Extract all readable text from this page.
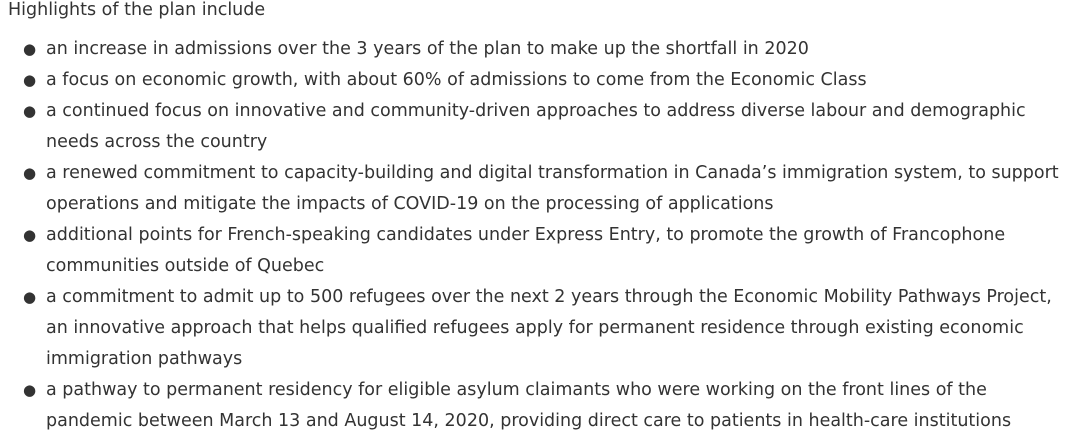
Highlights of the plan include

● an increase in admissions over the 3 years of the plan to make up the shortfall in 2020
● a focus on economic growth, with about 60% of admissions to come from the Economic Class
● a continued focus on innovative and community-driven approaches to address diverse labour and demographic needs across the country
● a renewed commitment to capacity-building and digital transformation in Canada’s immigration system, to support operations and mitigate the impacts of COVID-19 on the processing of applications
● additional points for French-speaking candidates under Express Entry, to promote the growth of Francophone communities outside of Quebec
● a commitment to admit up to 500 refugees over the next 2 years through the Economic Mobility Pathways Project, an innovative approach that helps qualified refugees apply for permanent residence through existing economic immigration pathways
● a pathway to permanent residency for eligible asylum claimants who were working on the front lines of the pandemic between March 13 and August 14, 2020, providing direct care to patients in health-care institutions
